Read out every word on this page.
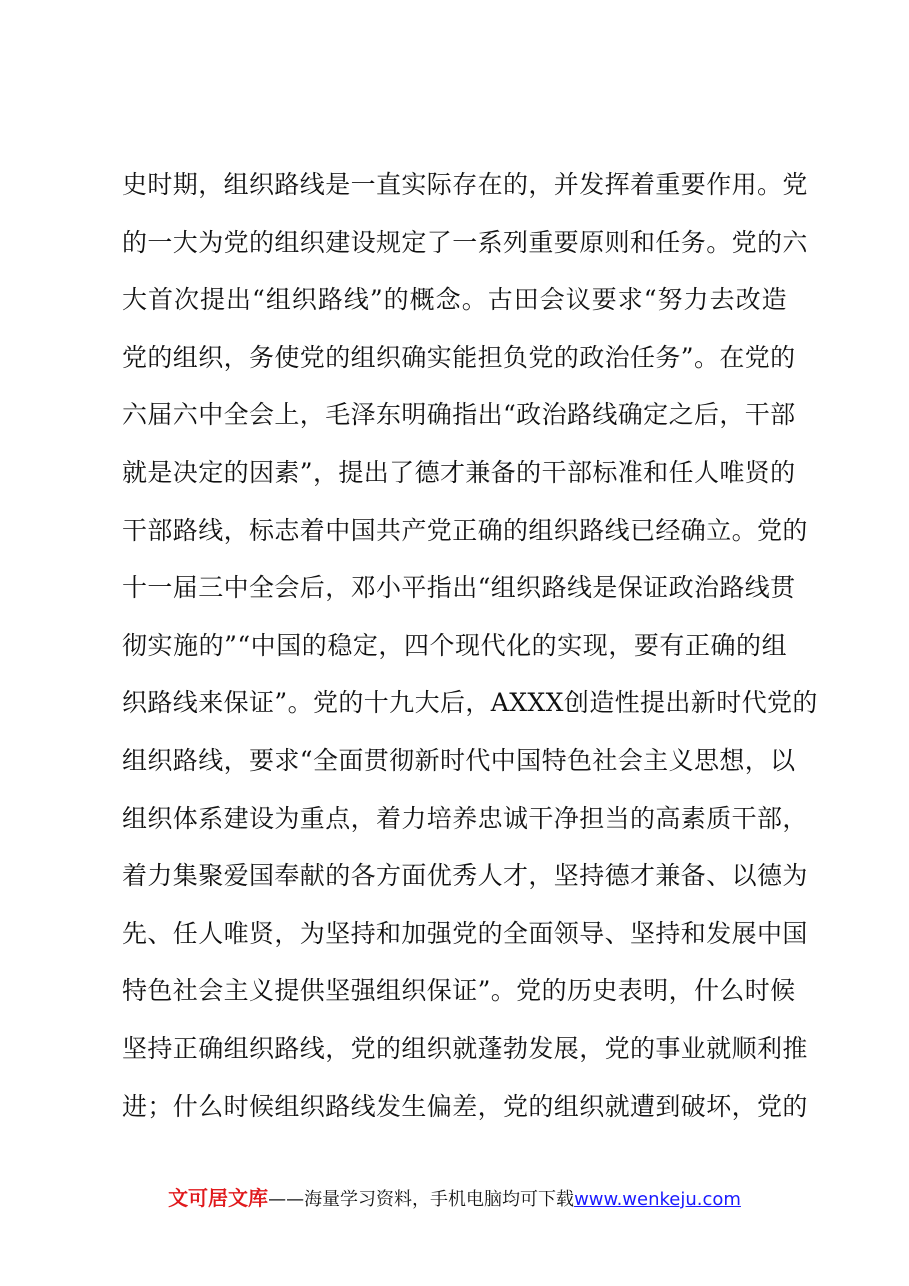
史时期，组织路线是一直实际存在的，并发挥着重要作用。党
的一大为党的组织建设规定了一系列重要原则和任务。党的六
大首次提出“组织路线”的概念。古田会议要求“努力去改造
党的组织，务使党的组织确实能担负党的政治任务”。在党的
六届六中全会上，毛泽东明确指出“政治路线确定之后，干部
就是决定的因素”，提出了德才兼备的干部标准和任人唯贤的
干部路线，标志着中国共产党正确的组织路线已经确立。党的
十一届三中全会后，邓小平指出“组织路线是保证政治路线贯
彻实施的”“中国的稳定，四个现代化的实现，要有正确的组
织路线来保证”。党的十九大后，AXXX创造性提出新时代党的
组织路线，要求“全面贯彻新时代中国特色社会主义思想，以
组织体系建设为重点，着力培养忠诚干净担当的高素质干部，
着力集聚爱国奉献的各方面优秀人才，坚持德才兼备、以德为
先、任人唯贤，为坚持和加强党的全面领导、坚持和发展中国
特色社会主义提供坚强组织保证”。党的历史表明，什么时候
坚持正确组织路线，党的组织就蓬勃发展，党的事业就顺利推
进；什么时候组织路线发生偏差，党的组织就遭到破坏，党的
文可居文库——海量学习资料，手机电脑均可下载www.wenkeju.com
